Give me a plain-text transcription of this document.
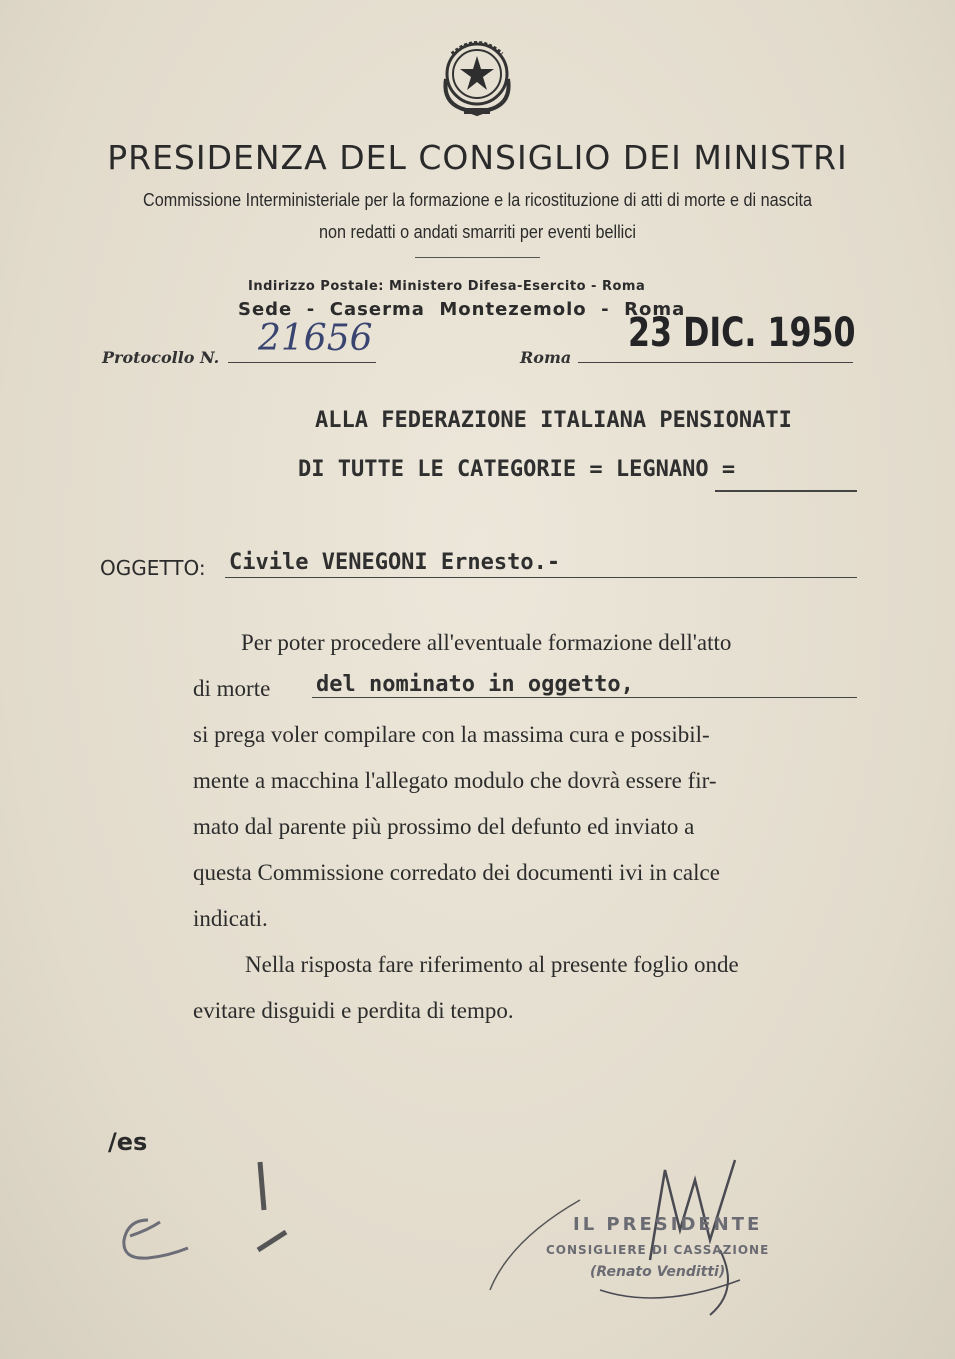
PRESIDENZA DEL CONSIGLIO DEI MINISTRI
Commissione Interministeriale per la formazione e la ricostituzione di atti di morte e di nascita
non redatti o andati smarriti per eventi bellici
Indirizzo Postale: Ministero Difesa-Esercito - Roma
Sede  -  Caserma  Montezemolo  -  Roma
Protocollo N. 21656	Roma
23 DIC. 1950
ALLA FEDERAZIONE ITALIANA PENSIONATI
DI TUTTE LE CATEGORIE = LEGNANO =
OGGETTO: Civile VENEGONI Ernesto.-
Per poter procedere all'eventuale formazione dell'atto
di morte del nominato in oggetto,
si prega voler compilare con la massima cura e possibil-
mente a macchina l'allegato modulo che dovrà essere fir-
mato dal parente più prossimo del defunto ed inviato a
questa Commissione corredato dei documenti ivi in calce
indicati.
Nella risposta fare riferimento al presente foglio onde
evitare disguidi e perdita di tempo.
/es
IL PRESIDENTE
CONSIGLIERE DI CASSAZIONE
(Renato Venditti)
